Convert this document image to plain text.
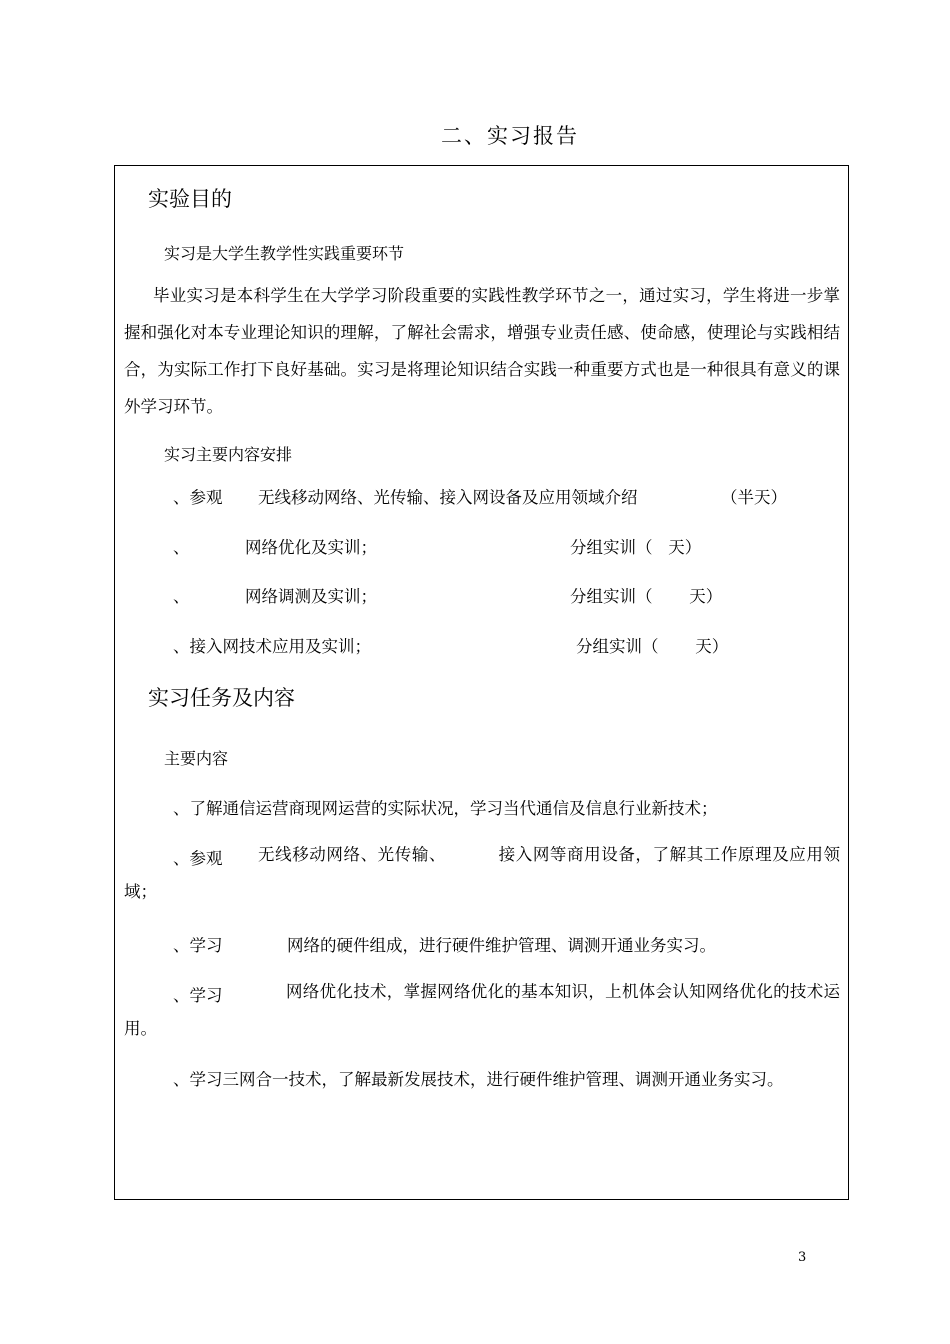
二、实习报告
实验目的
实习是大学生教学性实践重要环节
毕业实习是本科学生在大学学习阶段重要的实践性教学环节之一，通过实习，学生将进一步掌握和强化对本专业理论知识的理解，了解社会需求，增强专业责任感、使命感，使理论与实践相结合，为实际工作打下良好基础。实习是将理论知识结合实践一种重要方式也是一种很具有意义的课外学习环节。
实习主要内容安排
、参观 无线移动网络、光传输、接入网设备及应用领域介绍	（半天）
、	网络优化及实训；	分组实训（   天）
、	网络调测及实训；	分组实训（       天）
、接入网技术应用及实训；	分组实训（       天）
实习任务及内容
主要内容
、了解通信运营商现网运营的实际状况，学习当代通信及信息行业新技术；
、参观	无线移动网络、光传输、         接入网等商用设备，了解其工作原理及应用领域；
、学习	网络的硬件组成，进行硬件维护管理、调测开通业务实习。
、学习	网络优化技术，掌握网络优化的基本知识，上机体会认知网络优化的技术运用。
、学习三网合一技术，了解最新发展技术，进行硬件维护管理、调测开通业务实习。
3
